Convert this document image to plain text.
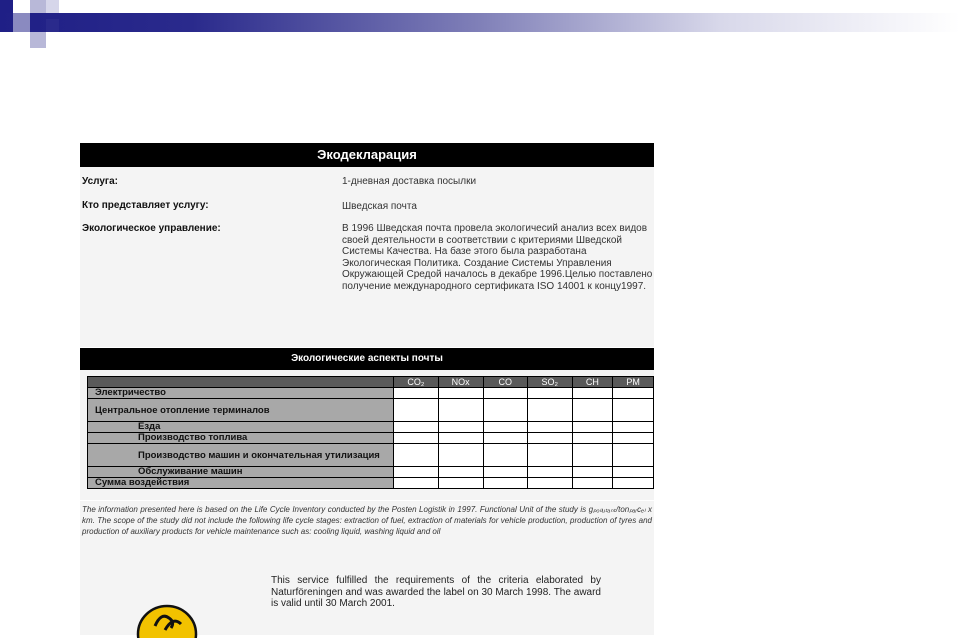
Экодекларация
Услуга:	1-дневная доставка посылки
Кто представляет услугу:	Шведская почта
Экологическое управление:	В 1996 Шведская почта провела экологичесий анализ всех видов своей деятельности в соответствии с критериями Шведской Системы Качества. На базе этого была разработана Экологическая Политика. Создание Системы Управления Окружающей Средой началось в декабре 1996.Целью поставлено получение международного сертификата ISO 14001 к концу1997.
Экологические аспекты почты
	CO₂	NOx	CO	SO₂	CH	PM
Электричество						
Центральное отопление терминалов						
Езда						
Производство топлива						
Производство машин и окончательная утилизация						
Обслуживание машин						
Сумма воздействия						
The information presented here is based on the Life Cycle Inventory conducted by the Posten Logistik in 1997. Functional Unit of the study is gₚₒₗₗᵤₜₐₙₜ/tonₚₐᵣcₑₗ x km. The scope of the study did not include the following life cycle stages: extraction of fuel, extraction of materials for vehicle production, production of tyres and production of auxiliary products for vehicle maintenance such as: cooling liquid, washing liquid and oil
This service fulfilled the requirements of the criteria elaborated by Naturföreningen and was awarded the label on 30 March 1998. The award is valid until 30 March 2001.
